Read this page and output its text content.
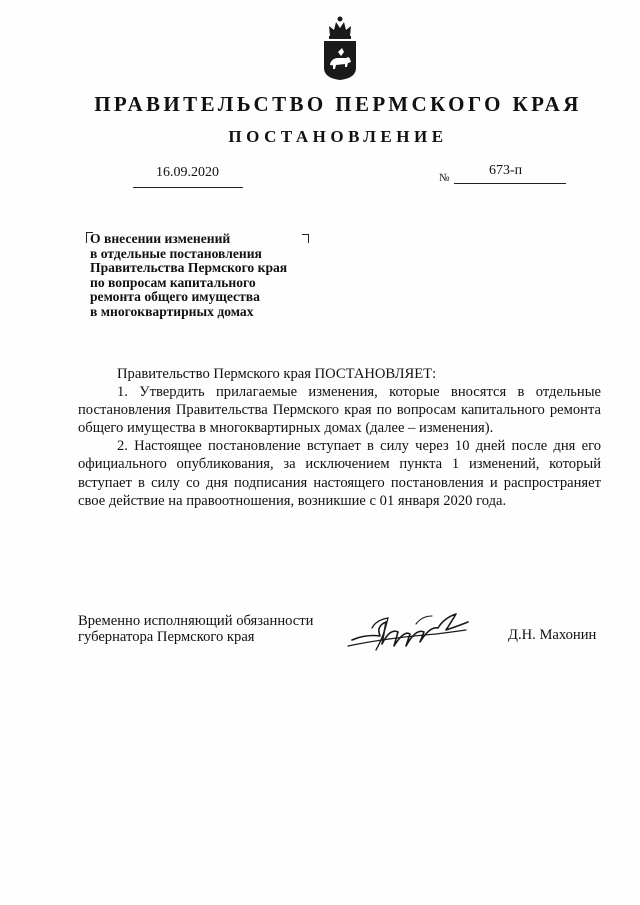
ПРАВИТЕЛЬСТВО ПЕРМСКОГО КРАЯ
ПОСТАНОВЛЕНИЕ
16.09.2020	№	673-п
О внесении изменений
в отдельные постановления
Правительства Пермского края
по вопросам капитального
ремонта общего имущества
в многоквартирных домах

Правительство Пермского края ПОСТАНОВЛЯЕТ:

1. Утвердить прилагаемые изменения, которые вносятся в отдельные постановления Правительства Пермского края по вопросам капитального ремонта общего имущества в многоквартирных домах (далее – изменения).

2. Настоящее постановление вступает в силу через 10 дней после дня его официального опубликования, за исключением пункта 1 изменений, который вступает в силу со дня подписания настоящего постановления и распространяет свое действие на правоотношения, возникшие с 01 января 2020 года.

Временно исполняющий обязанности
губернатора Пермского края	Д.Н. Махонин
